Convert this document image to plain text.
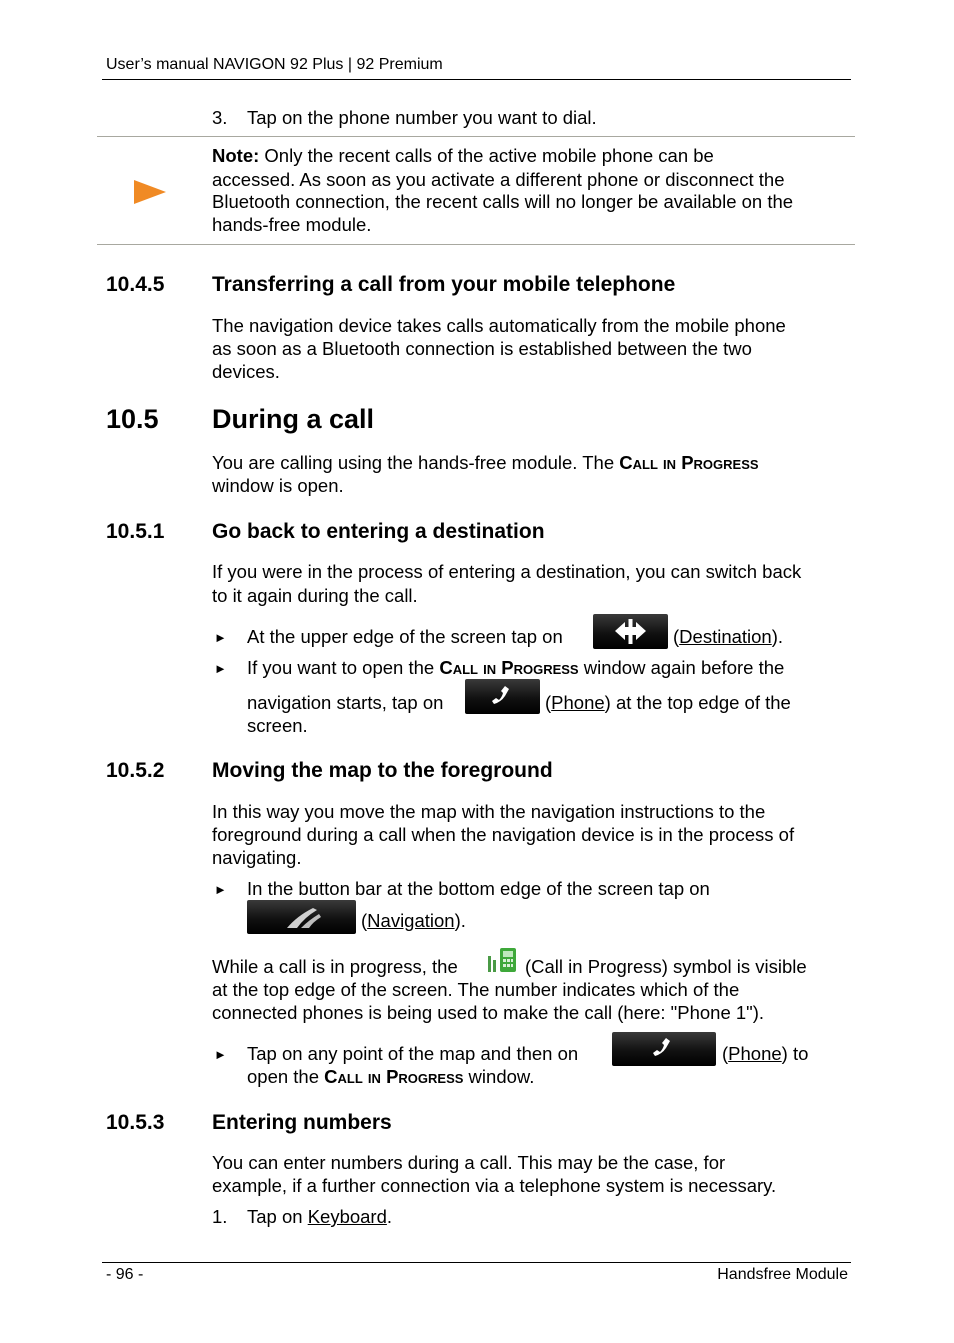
User’s manual NAVIGON 92 Plus | 92 Premium
3. Tap on the phone number you want to dial.
Note: Only the recent calls of the active mobile phone can be
accessed. As soon as you activate a different phone or disconnect the
Bluetooth connection, the recent calls will no longer be available on the
hands-free module.
10.4.5 Transferring a call from your mobile telephone
The navigation device takes calls automatically from the mobile phone
as soon as a Bluetooth connection is established between the two
devices.
10.5 During a call
You are calling using the hands-free module. The Call in Progress
window is open.
10.5.1 Go back to entering a destination
If you were in the process of entering a destination, you can switch back
to it again during the call.
► At the upper edge of the screen tap on	(Destination).
► If you want to open the Call in Progress window again before the
navigation starts, tap on	(Phone) at the top edge of the
screen.
10.5.2 Moving the map to the foreground
In this way you move the map with the navigation instructions to the
foreground during a call when the navigation device is in the process of
navigating.
► In the button bar at the bottom edge of the screen tap on
(Navigation).
While a call is in progress, the	(Call in Progress) symbol is visible
at the top edge of the screen. The number indicates which of the
connected phones is being used to make the call (here: "Phone 1").
► Tap on any point of the map and then on	(Phone) to
open the Call in Progress window.
10.5.3 Entering numbers
You can enter numbers during a call. This may be the case, for
example, if a further connection via a telephone system is necessary.
1. Tap on Keyboard.
- 96 -	Handsfree Module
